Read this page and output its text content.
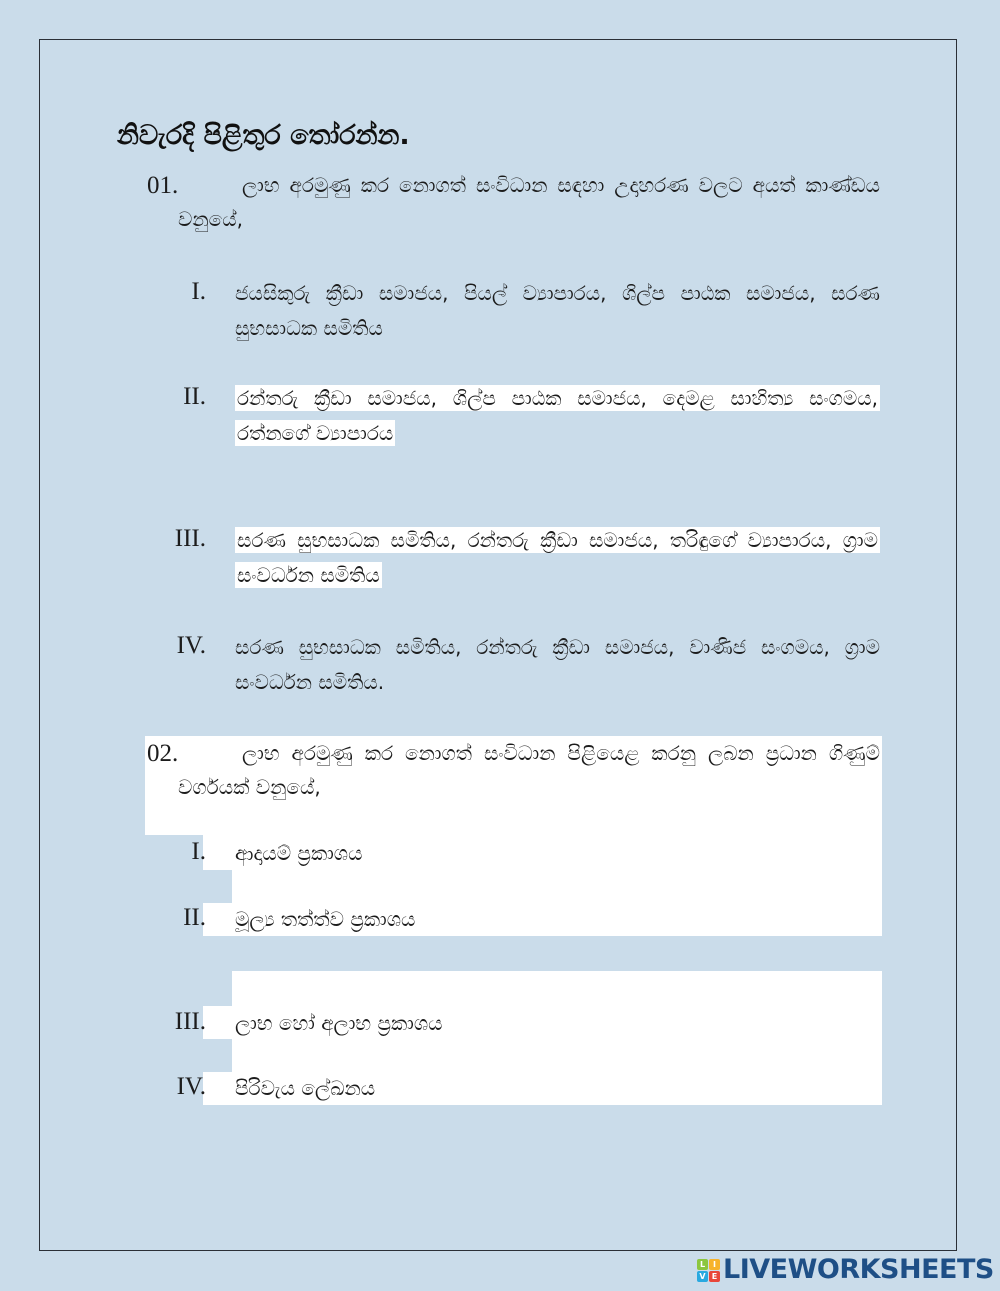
නිවැරදි පිළිතුර තෝරන්න.
01.	ලාභ අරමුණු කර නොගත් සංවිධාන සඳහා උදාහරණ වලට අයත් කාණ්ඩය වනුයේ,
I. ජයසිකුරු ක්‍රීඩා සමාජය, පියල් ව්‍යාපාරය, ශිල්ප පාඨක සමාජය, සරණ සුභසාධක සමිතිය
II. රන්තරු ක්‍රීඩා සමාජය, ශිල්ප පාඨක සමාජය, දෙමළ සාහිත්‍ය සංගමය, රත්නගේ ව්‍යාපාරය
III. සරණ සුභසාධක සමිතිය, රන්තරු ක්‍රීඩා සමාජය, තරිඳුගේ ව්‍යාපාරය, ග්‍රාම සංවර්ධන සමිතිය
IV. සරණ සුභසාධක සමිතිය, රන්තරු ක්‍රීඩා සමාජය, වාණිජ සංගමය, ග්‍රාම සංවර්ධන සමිතිය.
02.	ලාභ අරමුණු කර නොගත් සංවිධාන පිළියෙළ කරනු ලබන ප්‍රධාන ගිණුම් වර්ගයක් වනුයේ,
I. ආදායම් ප්‍රකාශය
II. මූල්‍ය තත්ත්ව ප්‍රකාශය
III. ලාභ හෝ අලාභ ප්‍රකාශය
IV. පිරිවැය ලේඛනය
L I
V E LIVEWORKSHEETS
